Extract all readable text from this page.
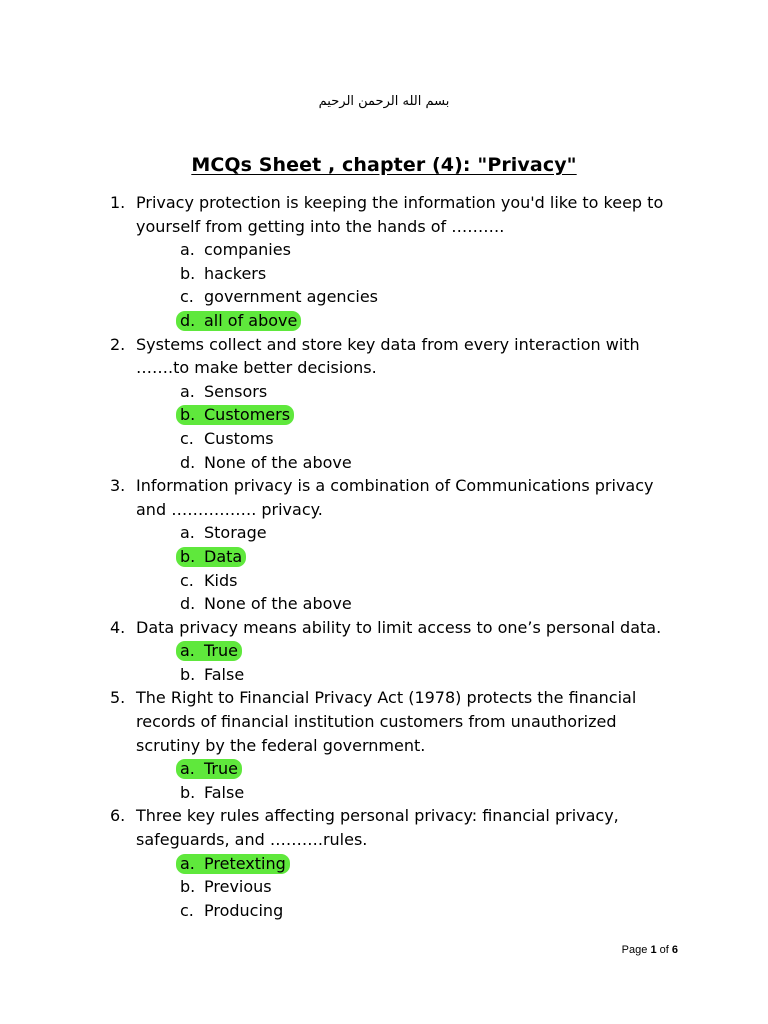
بسم الله الرحمن الرحيم
MCQs Sheet , chapter (4): "Privacy"
1. Privacy protection is keeping the information you'd like to keep to yourself from getting into the hands of ……….
a. companies
b. hackers
c. government agencies
d. all of above
2. Systems collect and store key data from every interaction with …….to make better decisions.
a. Sensors
b. Customers
c. Customs
d. None of the above
3. Information privacy is a combination of Communications privacy and ……………. privacy.
a. Storage
b. Data
c. Kids
d. None of the above
4. Data privacy means ability to limit access to one’s personal data.
a. True
b. False
5. The Right to Financial Privacy Act (1978) protects the financial records of financial institution customers from unauthorized scrutiny by the federal government.
a. True
b. False
6. Three key rules affecting personal privacy: financial privacy, safeguards, and ……….rules.
a. Pretexting
b. Previous
c. Producing
Page 1 of 6
